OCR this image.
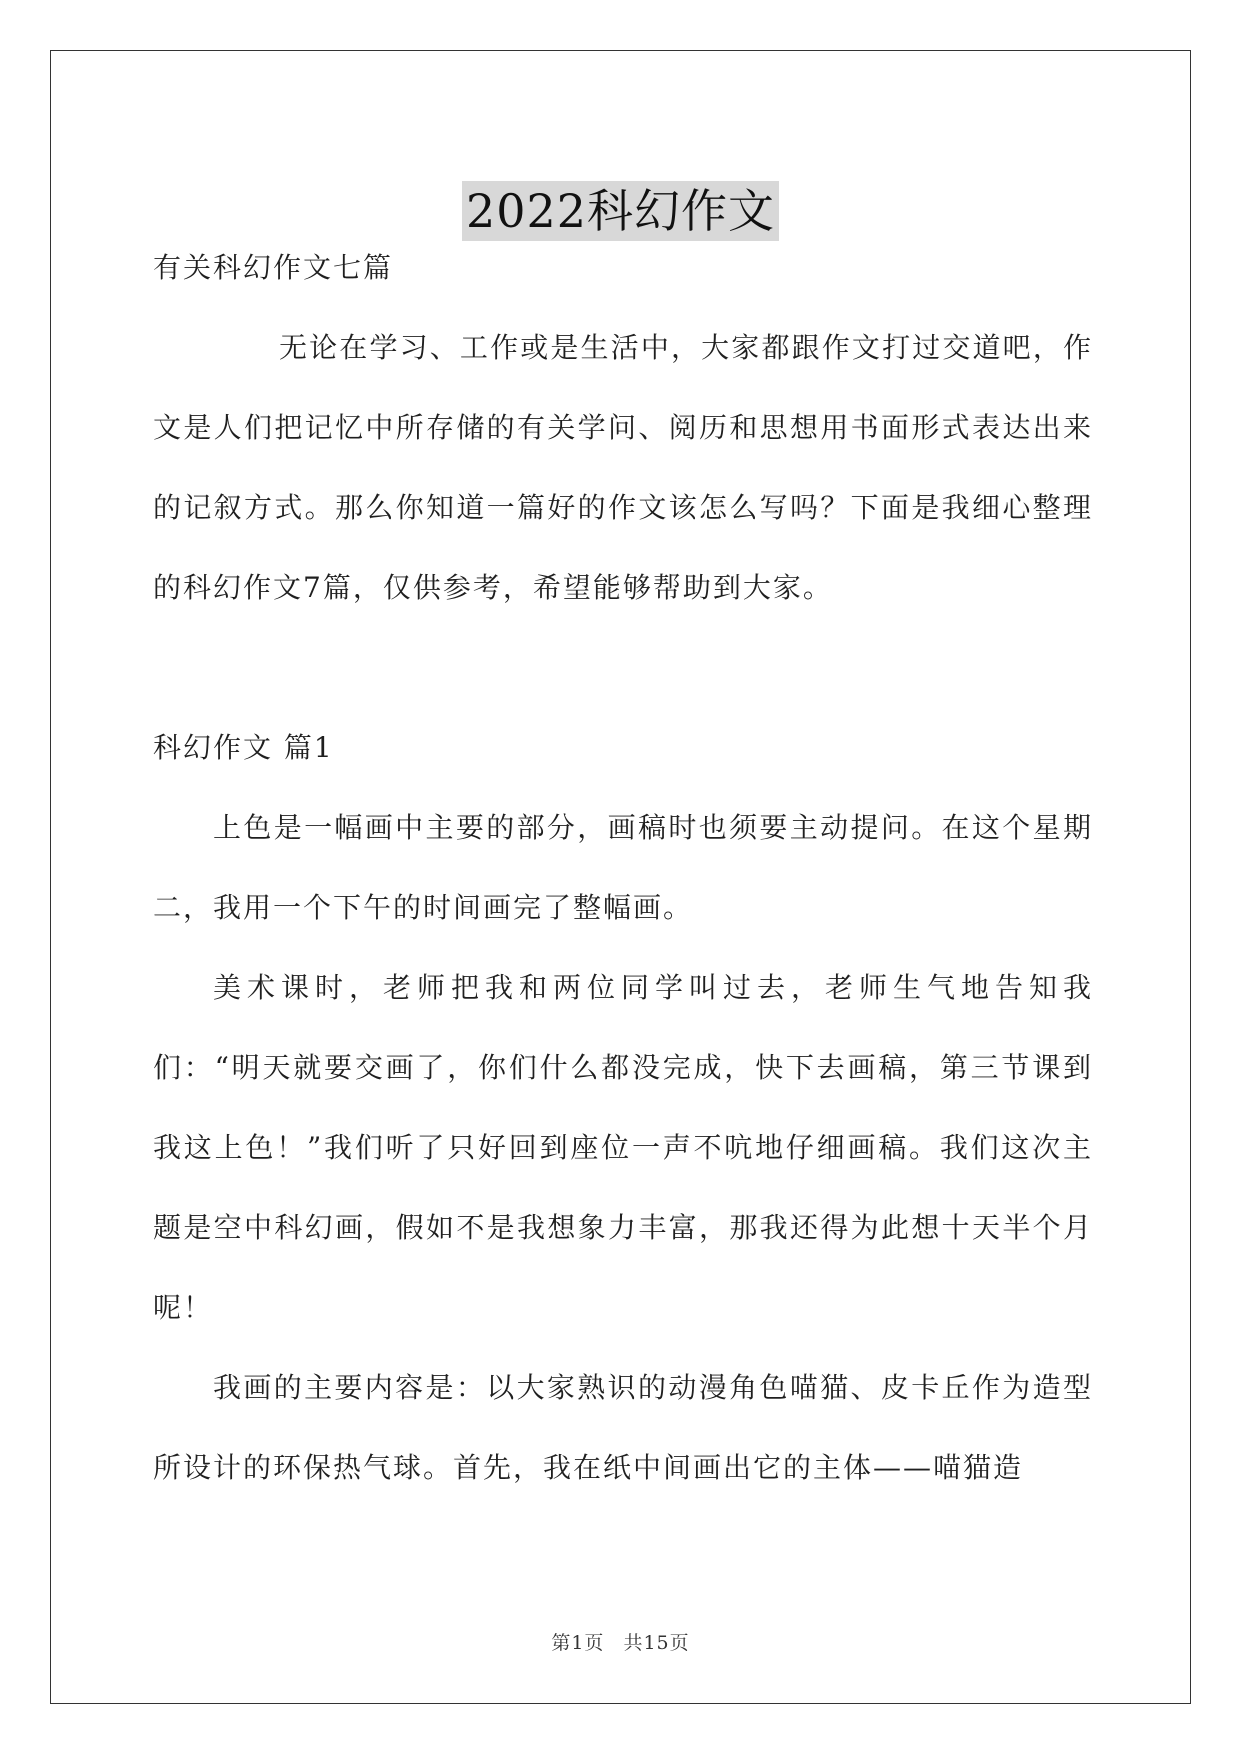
2022科幻作文

有关科幻作文七篇

无论在学习、工作或是生活中，大家都跟作文打过交道吧，作文是人们把记忆中所存储的有关学问、阅历和思想用书面形式表达出来的记叙方式。那么你知道一篇好的作文该怎么写吗？下面是我细心整理的科幻作文7篇，仅供参考，希望能够帮助到大家。

科幻作文 篇1

上色是一幅画中主要的部分，画稿时也须要主动提问。在这个星期二，我用一个下午的时间画完了整幅画。

美术课时，老师把我和两位同学叫过去，老师生气地告知我们：“明天就要交画了，你们什么都没完成，快下去画稿，第三节课到我这上色！”我们听了只好回到座位一声不吭地仔细画稿。我们这次主题是空中科幻画，假如不是我想象力丰富，那我还得为此想十天半个月呢！

我画的主要内容是：以大家熟识的动漫角色喵猫、皮卡丘作为造型所设计的环保热气球。首先，我在纸中间画出它的主体——喵猫造

第1页 共15页
